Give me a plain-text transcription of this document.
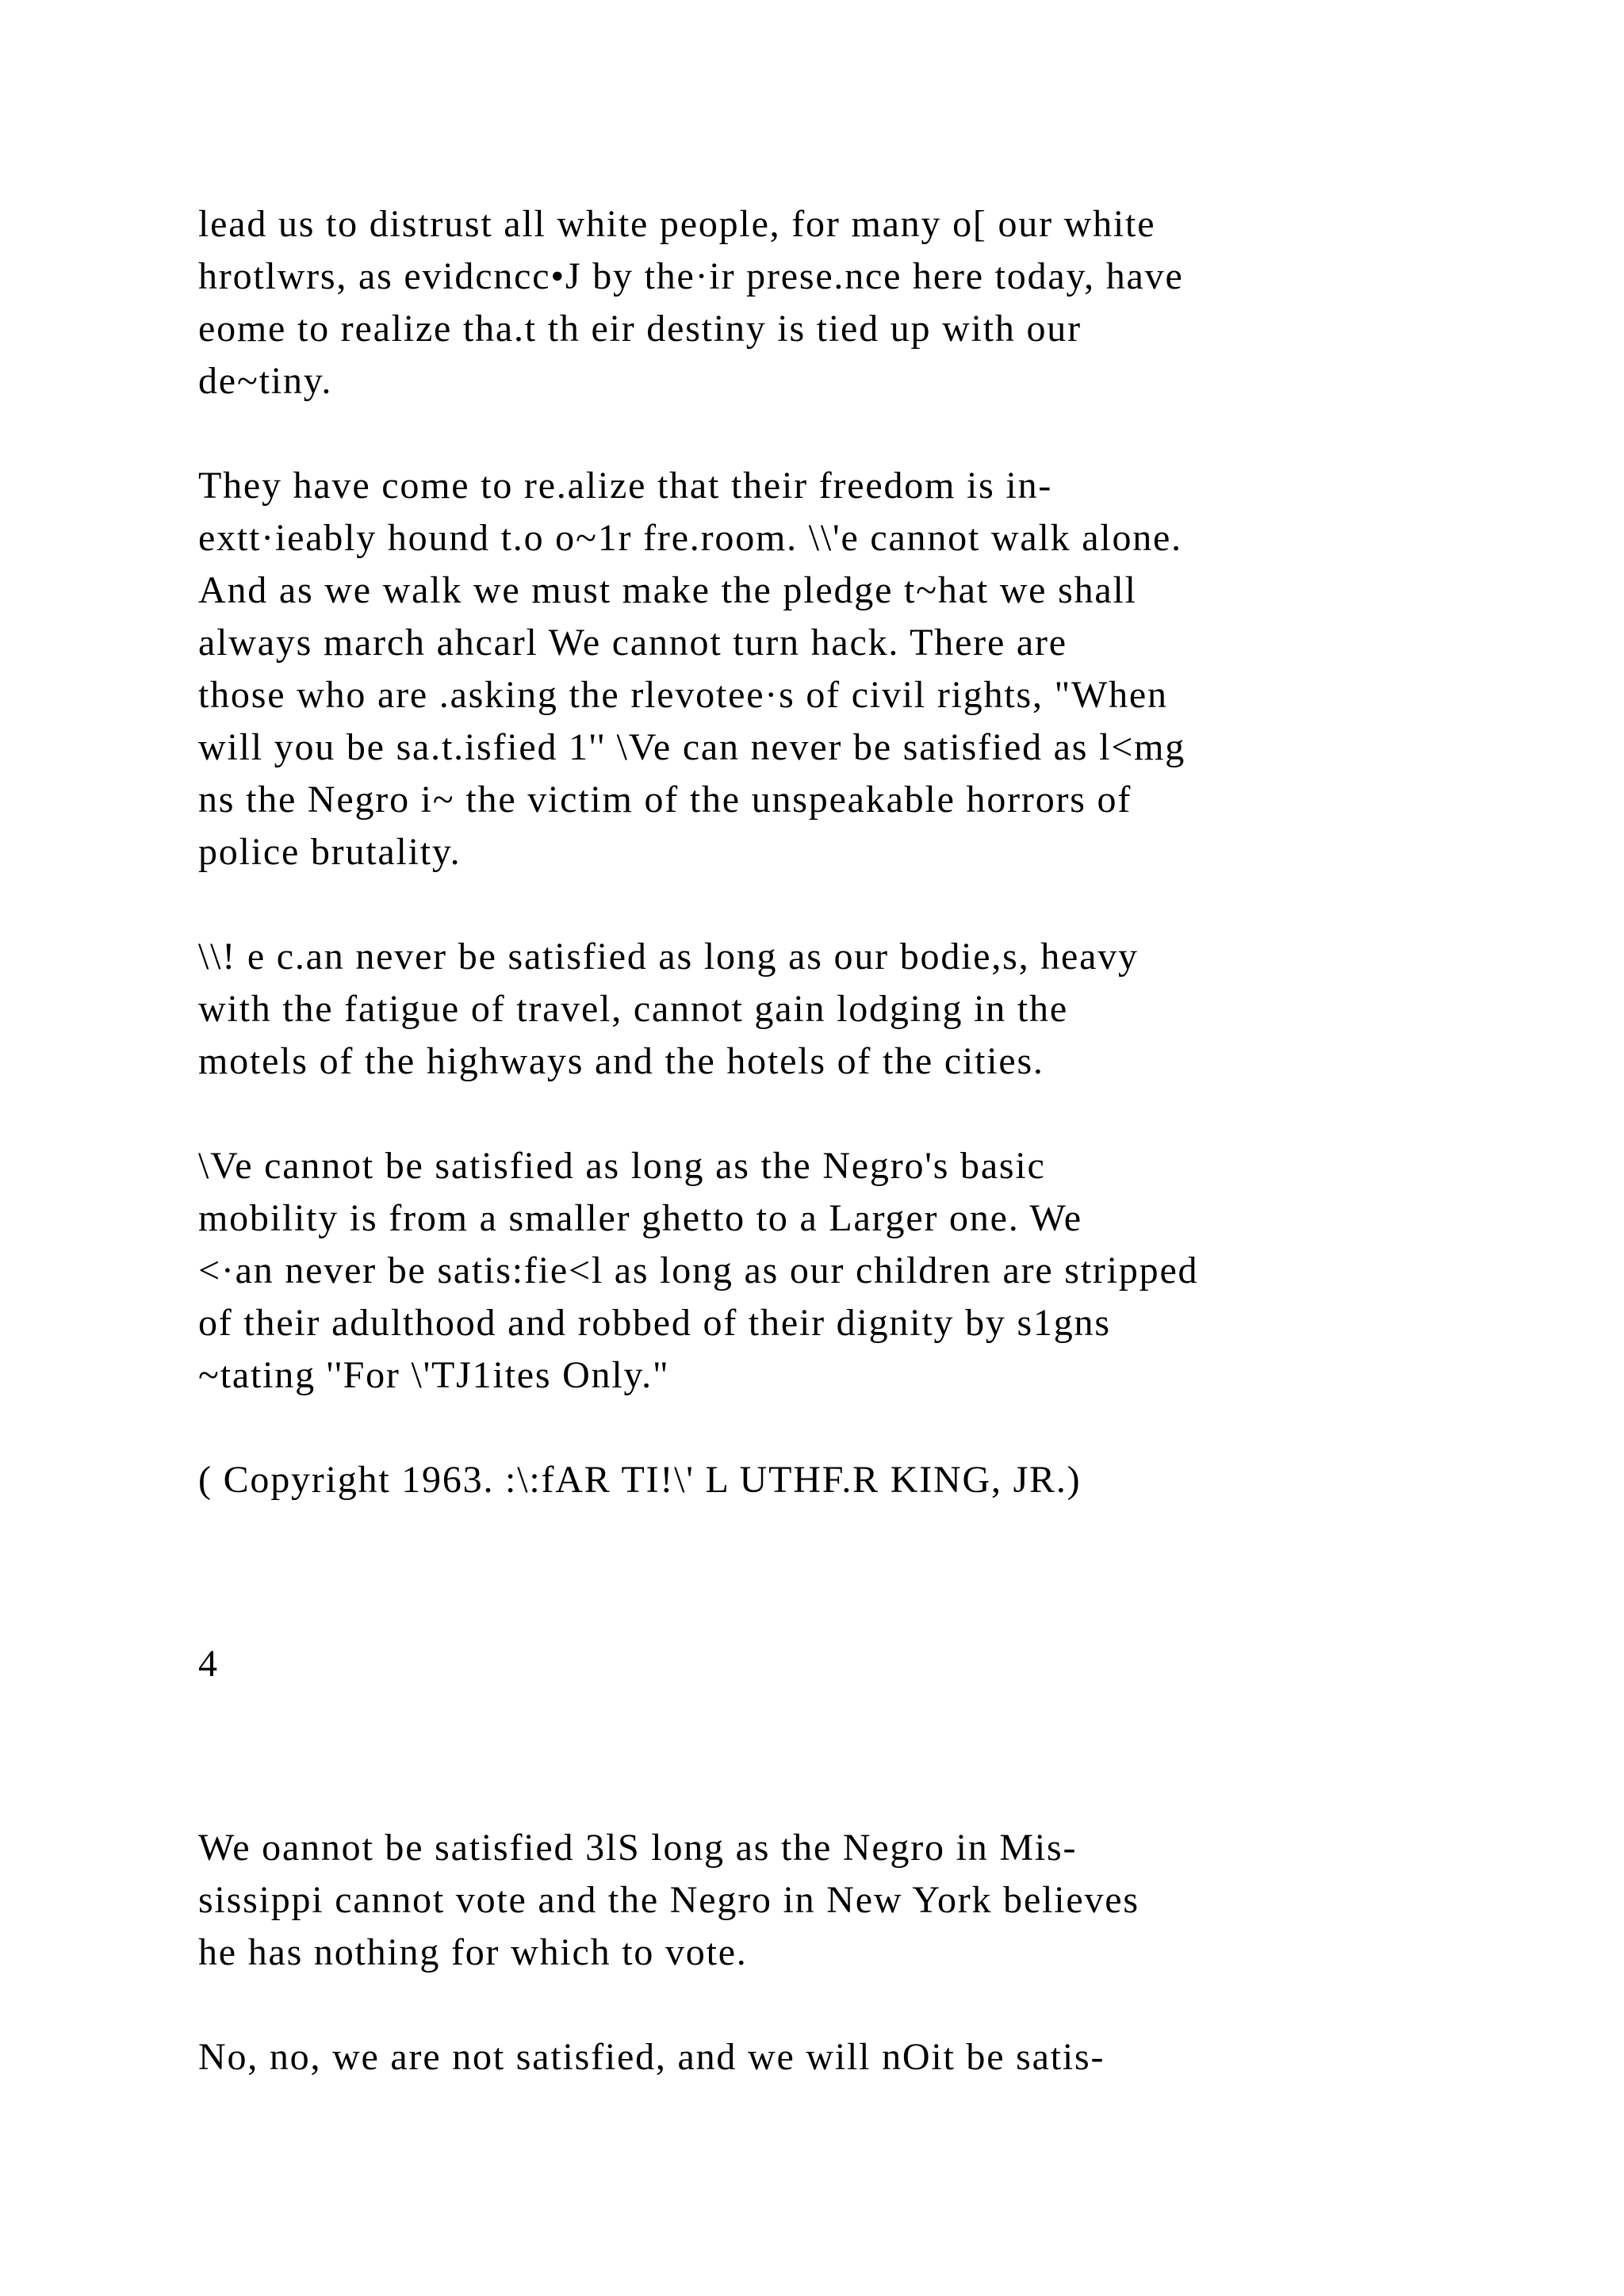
lead us to distrust all white people, for many o[ our white
hrotlwrs, as evidcncc•J by the·ir prese.nce here today, have
eome to realize tha.t th eir destiny is tied up with our
de~tiny.
They have come to re.alize that their freedom is in-
extt·ieably hound t.o o~1r fre.room. \\'e cannot walk alone.
And as we walk we must make the pledge t~hat we shall
always march ahcarl We cannot turn hack. There are
those who are .asking the rlevotee·s of civil rights, "When
will you be sa.t.isfied 1'' \Ve can never be satisfied as l<mg
ns the Negro i~ the victim of the unspeakable horrors of
police brutality.
\\! e c.an never be satisfied as long as our bodie,s, heavy
with the fatigue of travel, cannot gain lodging in the
motels of the highways and the hotels of the cities.
\Ve cannot be satisfied as long as the Negro's basic
mobility is from a smaller ghetto to a Larger one. We
<·an never be satis:fie<l as long as our children are stripped
of their adulthood and robbed of their dignity by s1gns
~tating ''For \'TJ1ites Only."
( Copyright 1963. :\:fAR TI!\' L UTHF.R KING, JR.)
4
We oannot be satisfied 3lS long as the Negro in Mis-
sissippi cannot vote and the Negro in New York believes
he has nothing for which to vote.
No, no, we are not satisfied, and we will nOit be satis-
